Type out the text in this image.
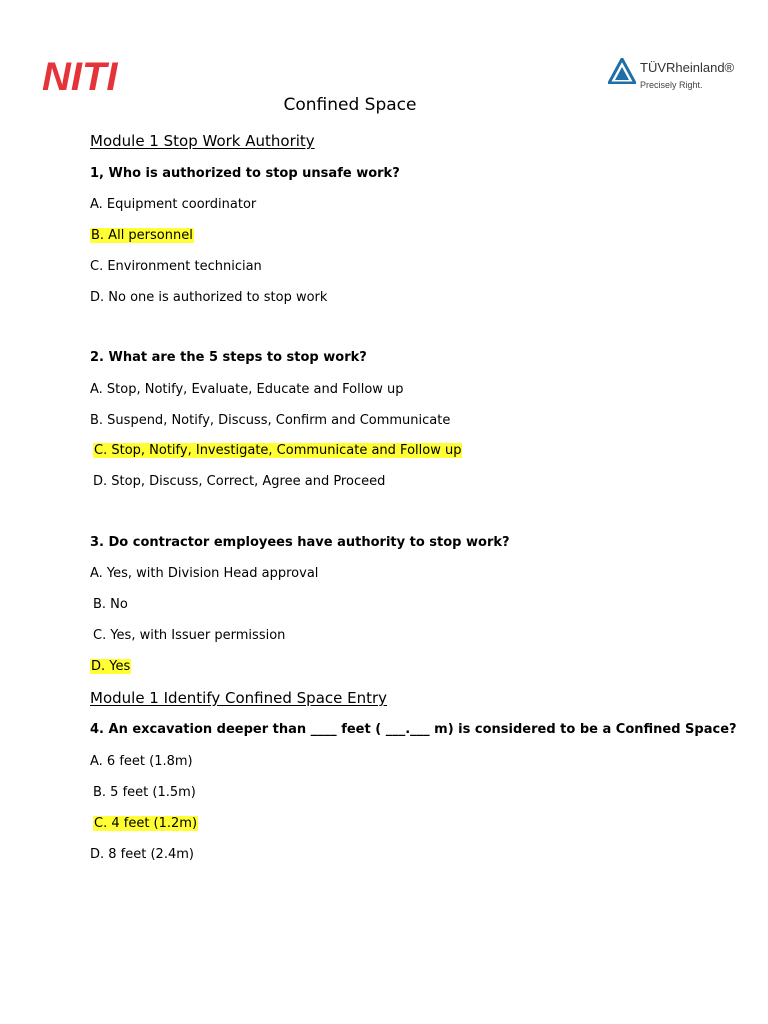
NITI	TÜVRheinland®
Precisely Right.
Confined Space
Module 1 Stop Work Authority
1, Who is authorized to stop unsafe work?
A. Equipment coordinator
B. All personnel
C. Environment technician
D. No one is authorized to stop work
2. What are the 5 steps to stop work?
A. Stop, Notify, Evaluate, Educate and Follow up
B. Suspend, Notify, Discuss, Confirm and Communicate
C. Stop, Notify, Investigate, Communicate and Follow up
D. Stop, Discuss, Correct, Agree and Proceed
3. Do contractor employees have authority to stop work?
A. Yes, with Division Head approval
B. No
C. Yes, with Issuer permission
D. Yes
Module 1 Identify Confined Space Entry
4. An excavation deeper than ____ feet ( ___.___ m) is considered to be a Confined Space?
A. 6 feet (1.8m)
B. 5 feet (1.5m)
C. 4 feet (1.2m)
D. 8 feet (2.4m)
